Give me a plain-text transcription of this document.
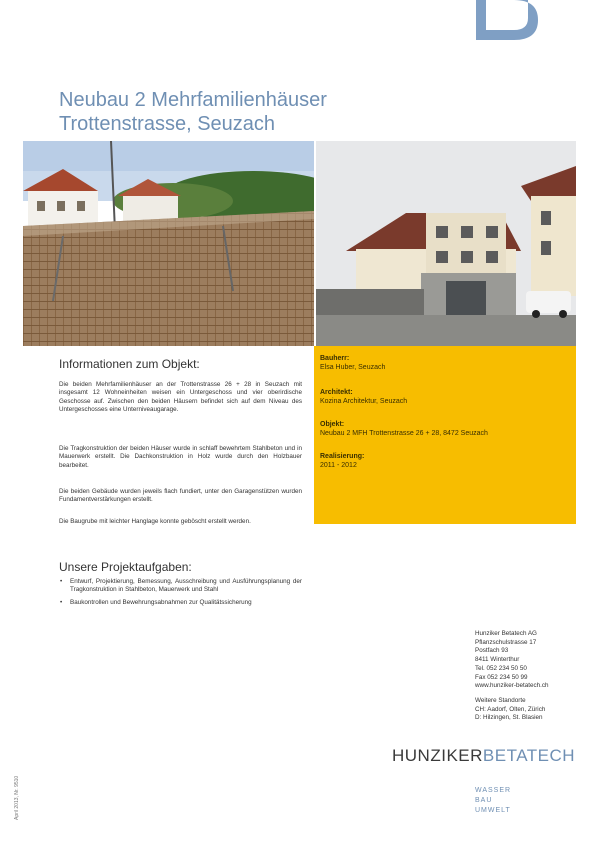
Neubau 2 Mehrfamilienhäuser
Trottenstrasse, Seuzach
Bauherr:
Elsa Huber, Seuzach
Architekt:
Kozina Architektur, Seuzach
Objekt:
Neubau 2 MFH Trottenstrasse 26 + 28, 8472 Seuzach
Realisierung:
2011 - 2012
Informationen zum Objekt:

Die beiden Mehrfamilienhäuser an der Trottenstrasse 26 + 28 in Seuzach mit insgesamt 12 Wohneinheiten weisen ein Untergeschoss und vier oberirdische Geschosse auf. Zwischen den beiden Häusern befindet sich auf dem Niveau des Untergeschosses eine Unterniveaugarage.

Die Tragkonstruktion der beiden Häuser wurde in schlaff bewehrtem Stahlbeton und in Mauerwerk erstellt. Die Dachkonstruktion in Holz wurde durch den Holzbauer bearbeitet.

Die beiden Gebäude wurden jeweils flach fundiert, unter den Garagenstützen wurden Fundamentverstärkungen erstellt.

Die Baugrube mit leichter Hanglage konnte geböscht erstellt werden.

Unsere Projektaufgaben:
• Entwurf, Projektierung, Bemessung, Ausschreibung und Ausführungsplanung der Tragkonstruktion in Stahlbeton, Mauerwerk und Stahl
• Baukontrollen und Bewehrungsabnahmen zur Qualitätssicherung
Hunziker Betatech AG
Pflanzschulstrasse 17
Postfach 93
8411 Winterthur
Tel. 052 234 50 50
Fax 052 234 50 99
www.hunziker-betatech.ch
Weitere Standorte
CH: Aadorf, Olten, Zürich
D: Hilzingen, St. Blasien
HUNZIKERBETATECH
WASSER
BAU
UMWELT
April 2013, Nr. 9510
